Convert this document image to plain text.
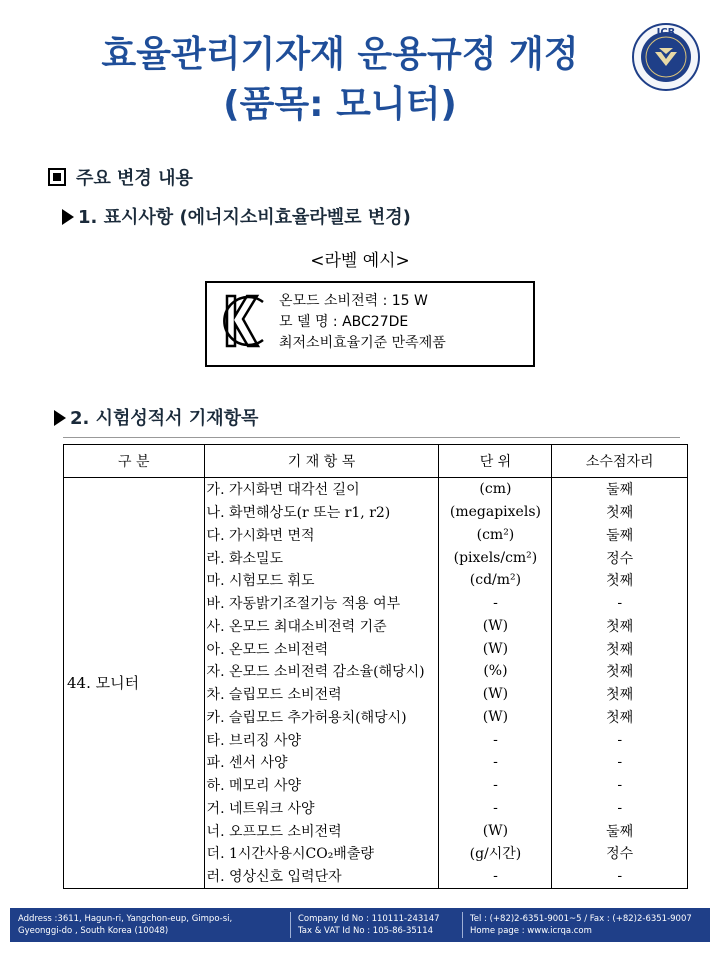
효율관리기자재 운용규정 개정
(품목: 모니터)
ICR
주요 변경 내용
1. 표시사항 (에너지소비효율라벨로 변경)
<라벨 예시>
온모드 소비전력 : 15 W
모 델 명 : ABC27DE
최저소비효율기준 만족제품
2. 시험성적서 기재항목
구 분	기 재 항 목	단 위	소수점자리
44. 모니터	가. 가시화면 대각선 길이	(cm)	둘째
	나. 화면해상도(r 또는 r1, r2)	(megapixels)	첫째
	다. 가시화면 면적	(cm²)	둘째
	라. 화소밀도	(pixels/cm²)	정수
	마. 시험모드 휘도	(cd/m²)	첫째
	바. 자동밝기조절기능 적용 여부	-	-
	사. 온모드 최대소비전력 기준	(W)	첫째
	아. 온모드 소비전력	(W)	첫째
	자. 온모드 소비전력 감소율(해당시)	(%)	첫째
	차. 슬립모드 소비전력	(W)	첫째
	카. 슬립모드 추가허용치(해당시)	(W)	첫째
	타. 브리징 사양	-	-
	파. 센서 사양	-	-
	하. 메모리 사양	-	-
	거. 네트워크 사양	-	-
	너. 오프모드 소비전력	(W)	둘째
	더. 1시간사용시CO₂배출량	(g/시간)	정수
	러. 영상신호 입력단자	-	-
Address :3611, Hagun-ri, Yangchon-eup, Gimpo-si,
Gyeonggi-do , South Korea (10048)
Company Id No : 110111-243147
Tax & VAT Id No : 105-86-35114
Tel : (+82)2-6351-9001~5 / Fax : (+82)2-6351-9007
Home page : www.icrqa.com
